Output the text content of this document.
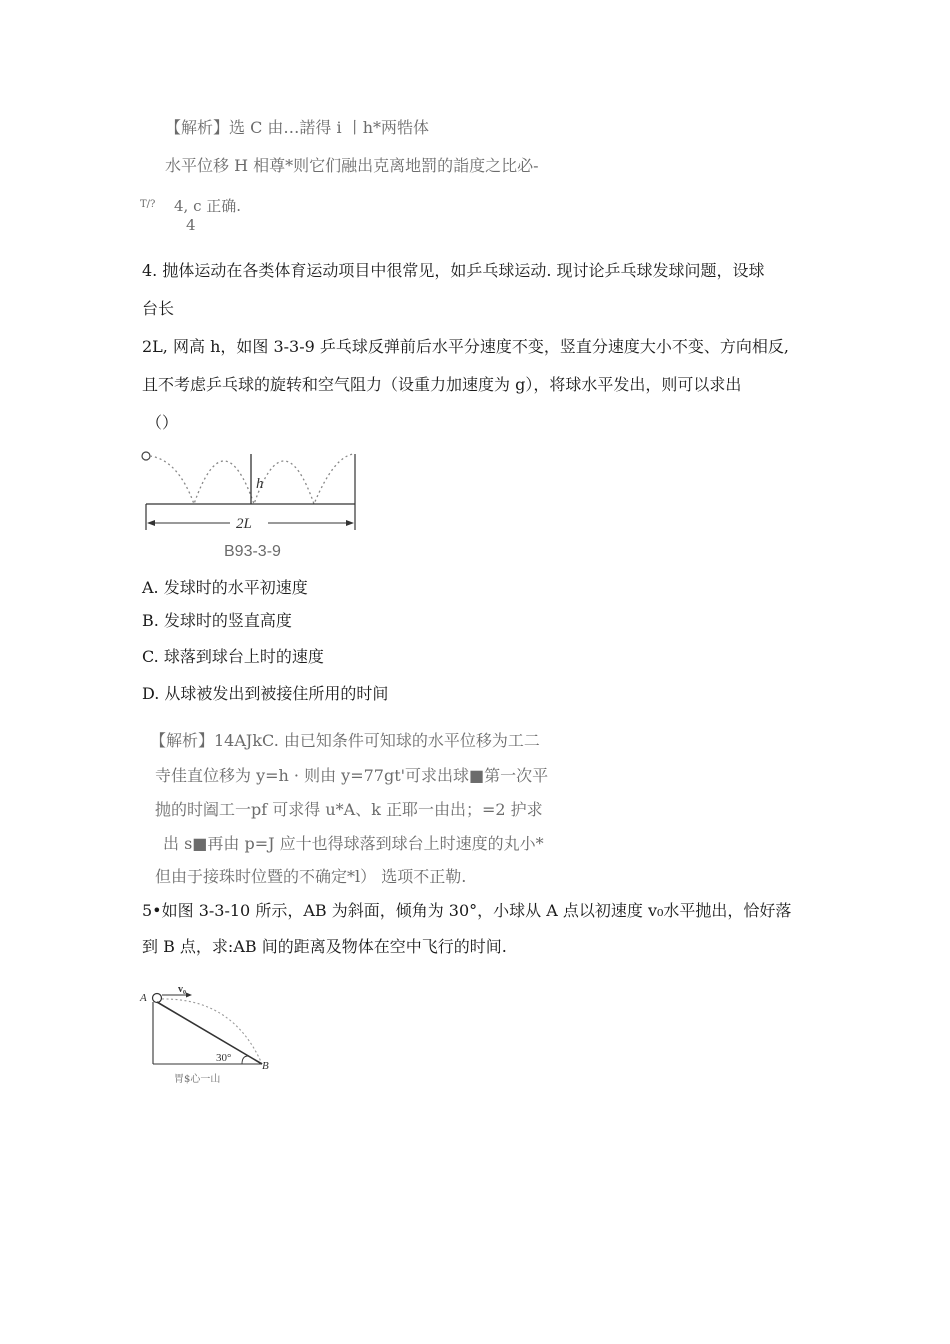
【解析】选 C 由…諾得 i 丨h*两牿体
水平位移 H 相尊*则它们融出克离地罰的詣度之比必-
T/? 4, c 正确.
4
4. 抛体运动在各类体育运动项目中很常见，如乒乓球运动. 现讨论乒乓球发球问题，设球
台长
2L, 网高 h，如图 3-3-9 乒乓球反弹前后水平分速度不变，竖直分速度大小不变、方向相反,
且不考虑乒乓球的旋转和空气阻力（设重力加速度为 g），将球水平发出，则可以求出
（）
h
2L
B93-3-9
A. 发球时的水平初速度
B. 发球时的竖直高度
C. 球落到球台上时的速度
D. 从球被发出到被接住所用的时间
【解析】14AJkC. 由已知条件可知球的水平位移为工二
寺佳直位移为 y=h · 则由 y=77gt'可求出球■第一次平
抛的时阖工一pf 可求得 u*A、k 正耶一由出；=2 护求
出 s■再由 p=J 应十也得球落到球台上时速度的丸小*
但由于接珠时位暨的不确定*l） 选项不正勒.
5•如图 3-3-10 所示，AB 为斜面，倾角为 30°，小球从 A 点以初速度 v₀水平抛出，恰好落
到 B 点，求:AB 间的距离及物体在空中飞行的时间.
A
v₀
30°
B
胃$心一山
